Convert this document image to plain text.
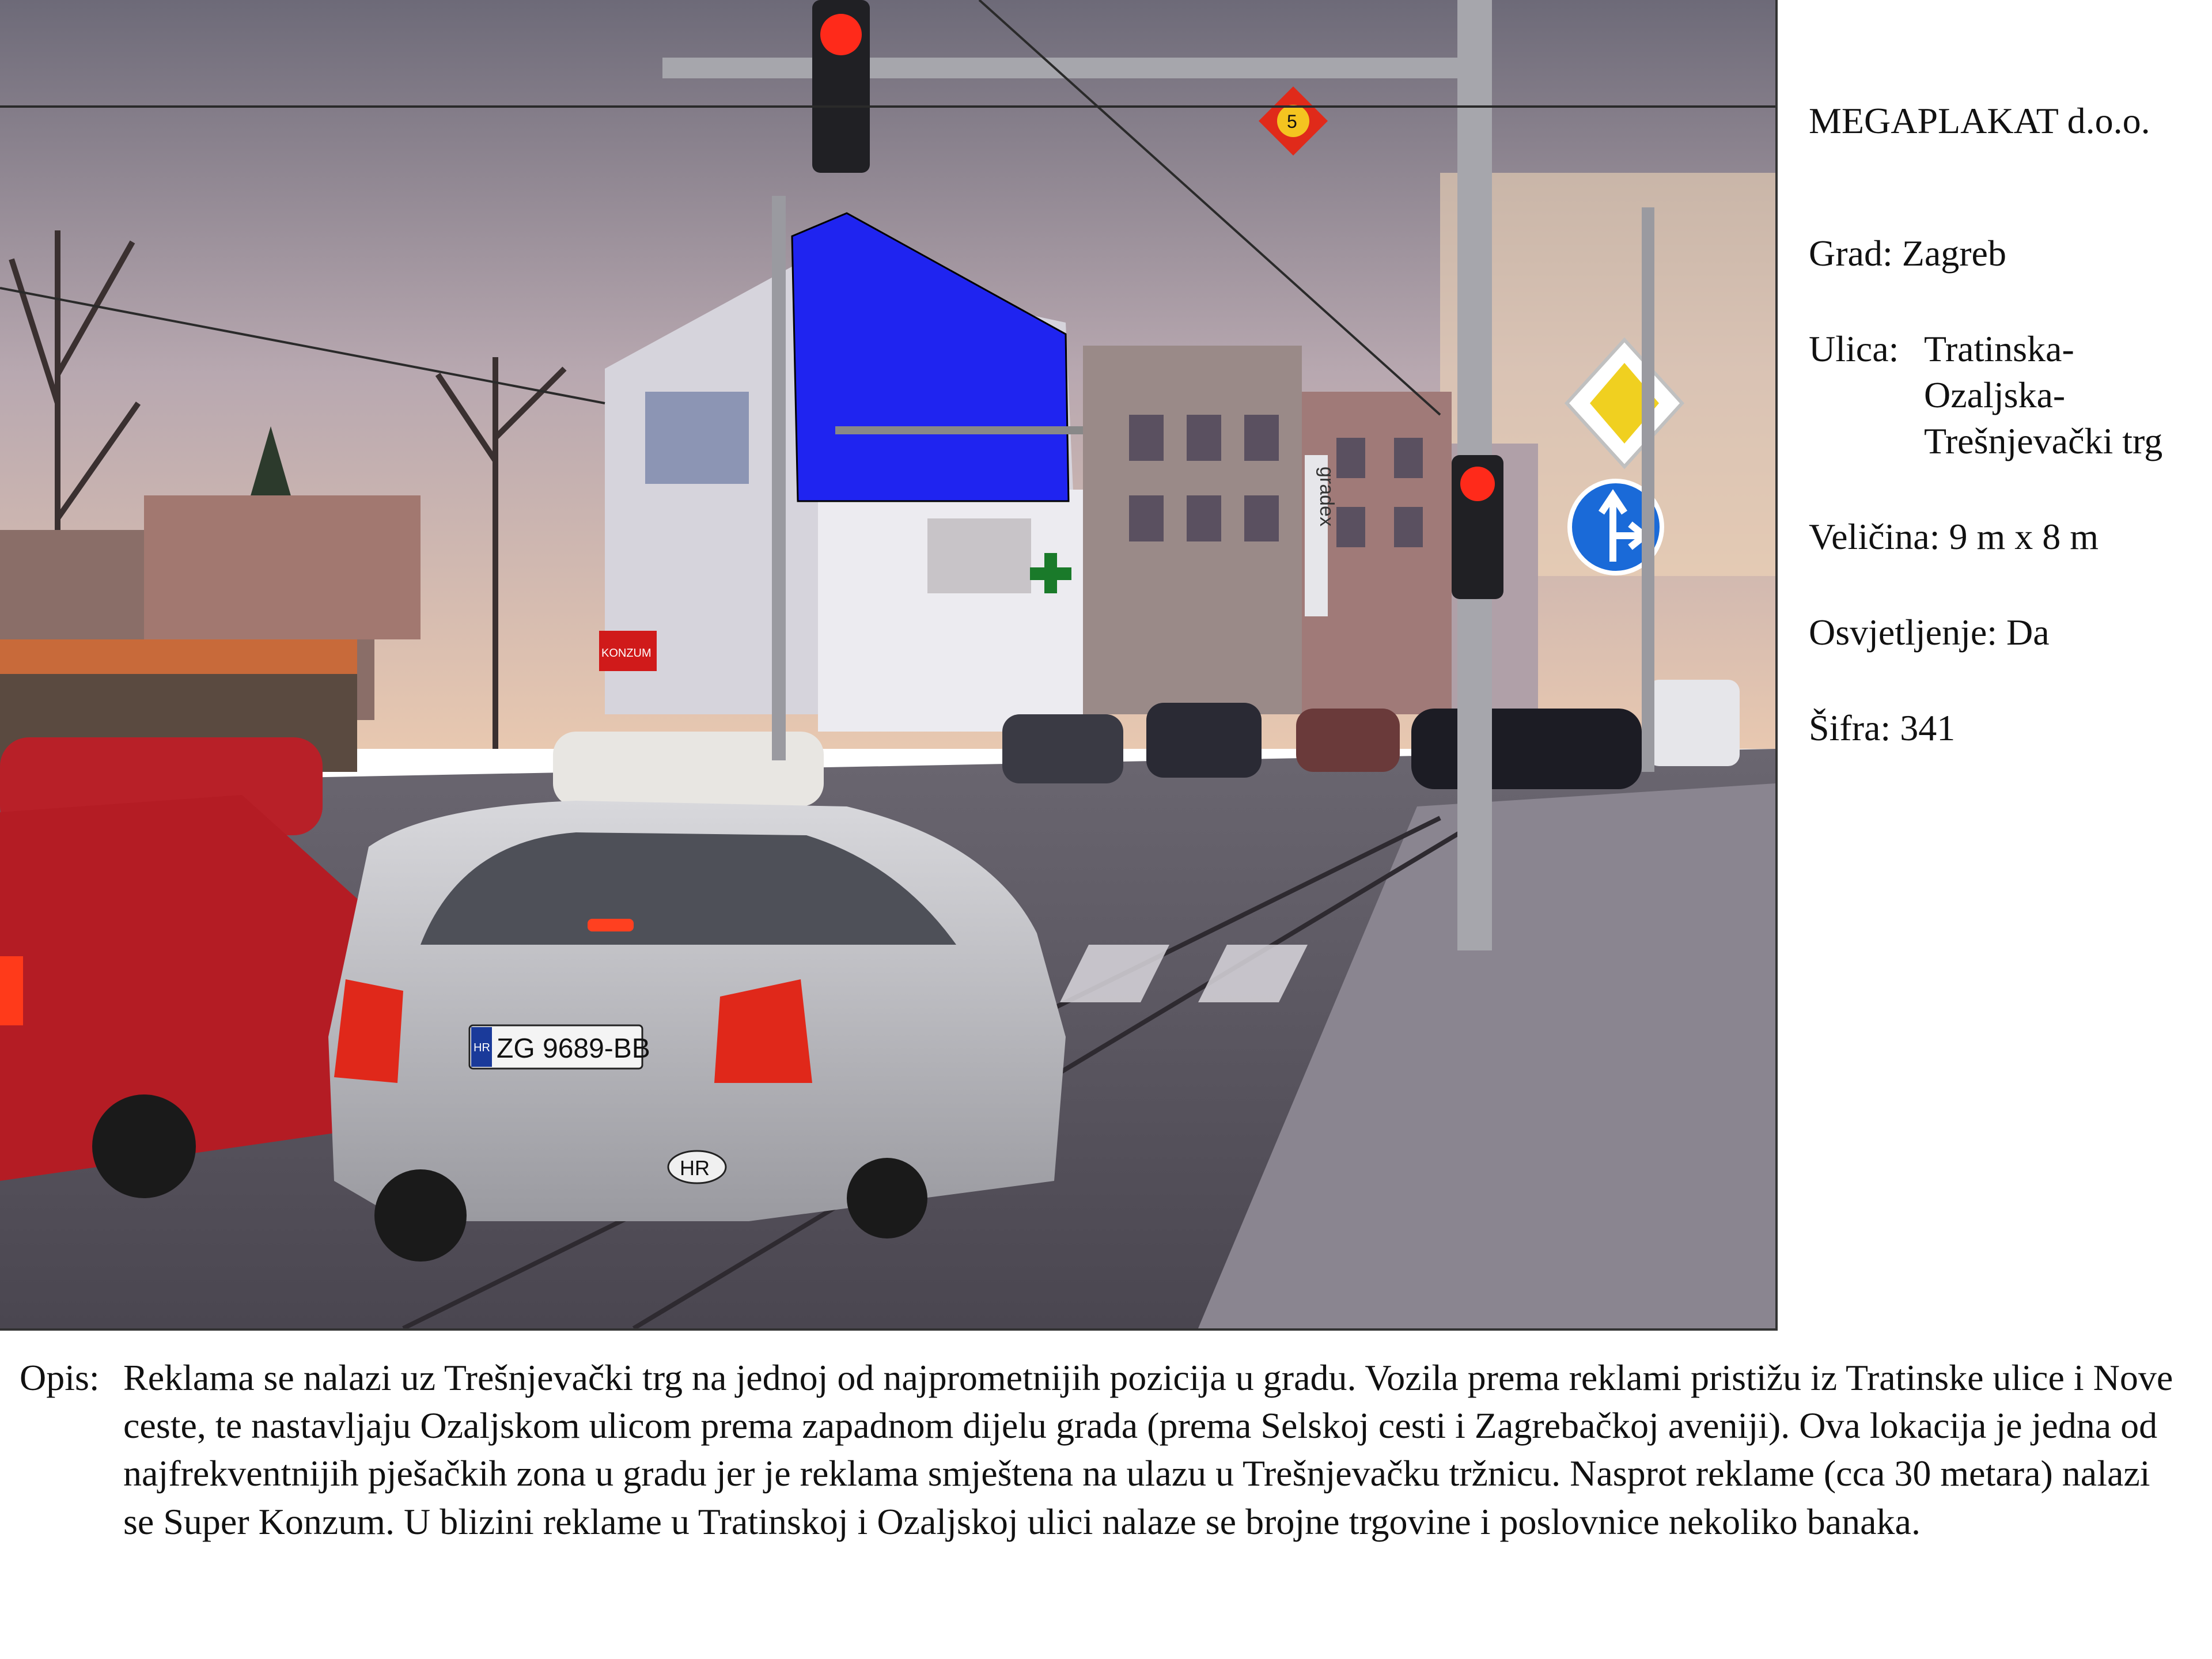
gradex
HR ZG 9689-BB
HR
KONZUM
5	MEGAPLAKAT d.o.o.
Grad: Zagreb
Ulica: Tratinska-
Ozaljska-
Trešnjevački trg
Veličina: 9 m x 8 m
Osvjetljenje: Da
Šifra: 341
Opis: Reklama se nalazi uz Trešnjevački trg na jednoj od najprometnijih pozicija u gradu. Vozila prema reklami pristižu iz Tratinske ulice i Nove ceste, te nastavljaju Ozaljskom ulicom prema zapadnom dijelu grada (prema Selskoj cesti i Zagrebačkoj aveniji). Ova lokacija je jedna od najfrekventnijih pješačkih zona u gradu jer je reklama smještena na ulazu u Trešnjevačku tržnicu. Nasprot reklame (cca 30 metara) nalazi se Super Konzum. U blizini reklame u Tratinskoj i Ozaljskoj ulici nalaze se brojne trgovine i poslovnice nekoliko banaka.
